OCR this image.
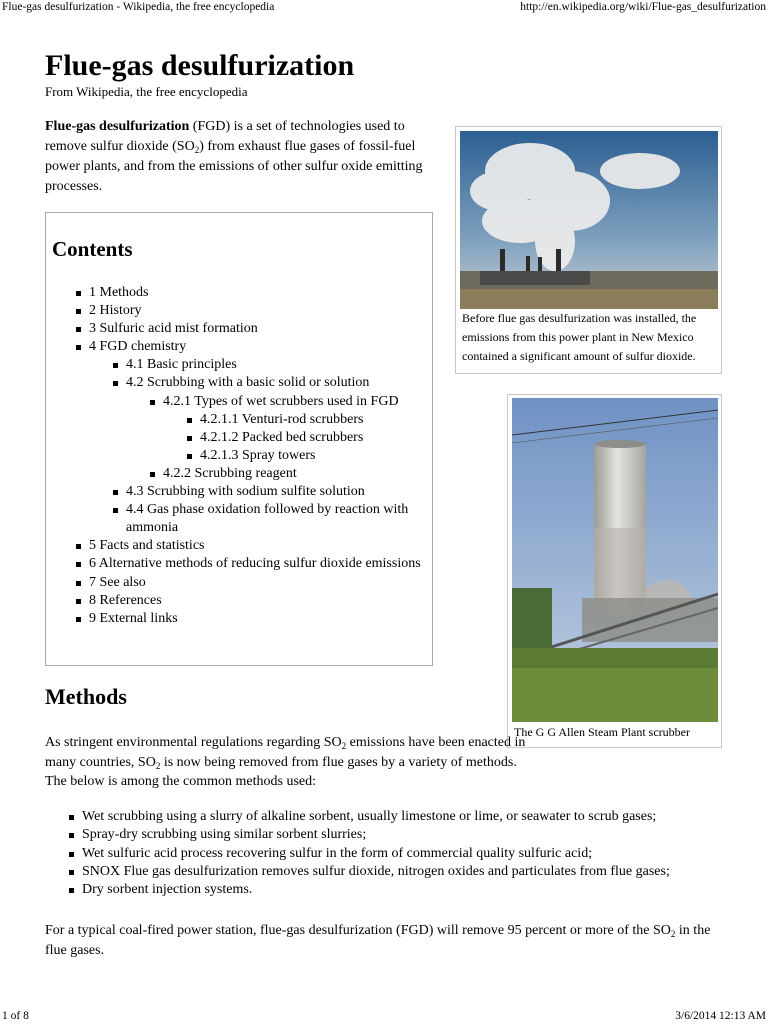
Flue-gas desulfurization - Wikipedia, the free encyclopedia	http://en.wikipedia.org/wiki/Flue-gas_desulfurization
Flue-gas desulfurization
From Wikipedia, the free encyclopedia

Flue-gas desulfurization (FGD) is a set of technologies used to remove sulfur dioxide $(SO_2)$ from exhaust flue gases of fossil-fuel power plants, and from the emissions of other sulfur oxide emitting processes.

Contents
1 Methods
2 History
3 Sulfuric acid mist formation
4 FGD chemistry
4.1 Basic principles
4.2 Scrubbing with a basic solid or solution
4.2.1 Types of wet scrubbers used in FGD
4.2.1.1 Venturi-rod scrubbers
4.2.1.2 Packed bed scrubbers
4.2.1.3 Spray towers
4.2.2 Scrubbing reagent
4.3 Scrubbing with sodium sulfite solution
4.4 Gas phase oxidation followed by reaction with ammonia
5 Facts and statistics
6 Alternative methods of reducing sulfur dioxide emissions
7 See also
8 References
9 External links
Before flue gas desulfurization was installed, the emissions from this power plant in New Mexico contained a significant amount of sulfur dioxide.
The G G Allen Steam Plant scrubber
Methods

As stringent environmental regulations regarding $SO_2$ emissions have been enacted in many countries, $SO_2$ is now being removed from flue gases by a variety of methods. The below is among the common methods used:

Wet scrubbing using a slurry of alkaline sorbent, usually limestone or lime, or seawater to scrub gases;
Spray-dry scrubbing using similar sorbent slurries;
Wet sulfuric acid process recovering sulfur in the form of commercial quality sulfuric acid;
SNOX Flue gas desulfurization removes sulfur dioxide, nitrogen oxides and particulates from flue gases;
Dry sorbent injection systems.

For a typical coal-fired power station, flue-gas desulfurization (FGD) will remove 95 percent or more of the $SO_2$ in the flue gases.

1 of 8	3/6/2014 12:13 AM
